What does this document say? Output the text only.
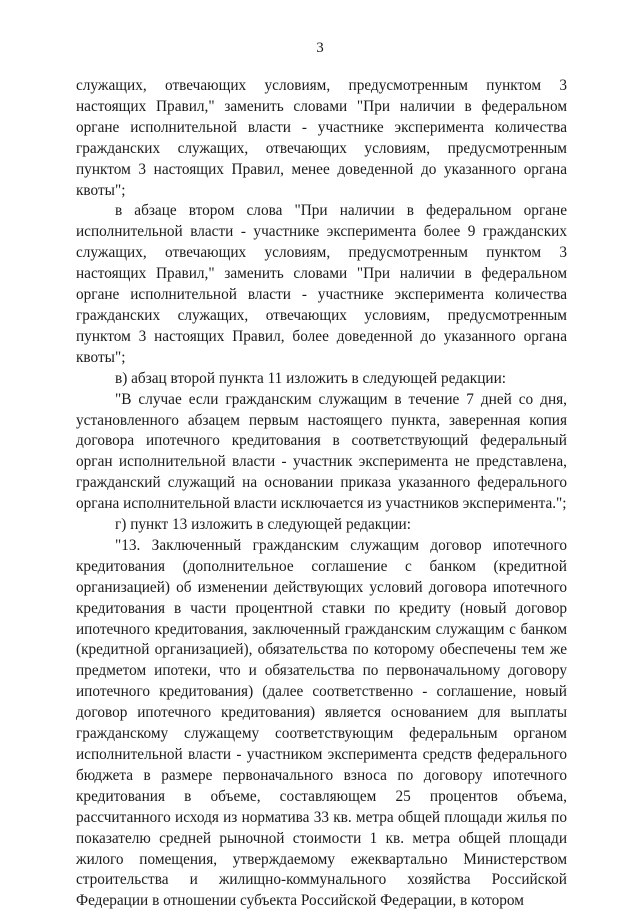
3

служащих, отвечающих условиям, предусмотренным пунктом 3 настоящих Правил," заменить словами "При наличии в федеральном органе исполнительной власти - участнике эксперимента количества гражданских служащих, отвечающих условиям, предусмотренным пунктом 3 настоящих Правил, менее доведенной до указанного органа квоты";

в абзаце втором слова "При наличии в федеральном органе исполнительной власти - участнике эксперимента более 9 гражданских служащих, отвечающих условиям, предусмотренным пунктом 3 настоящих Правил," заменить словами "При наличии в федеральном органе исполнительной власти - участнике эксперимента количества гражданских служащих, отвечающих условиям, предусмотренным пунктом 3 настоящих Правил, более доведенной до указанного органа квоты";

в) абзац второй пункта 11 изложить в следующей редакции:

"В случае если гражданским служащим в течение 7 дней со дня, установленного абзацем первым настоящего пункта, заверенная копия договора ипотечного кредитования в соответствующий федеральный орган исполнительной власти - участник эксперимента не представлена, гражданский служащий на основании приказа указанного федерального органа исполнительной власти исключается из участников эксперимента.";

г) пункт 13 изложить в следующей редакции:

"13. Заключенный гражданским служащим договор ипотечного кредитования (дополнительное соглашение с банком (кредитной организацией) об изменении действующих условий договора ипотечного кредитования в части процентной ставки по кредиту (новый договор ипотечного кредитования, заключенный гражданским служащим с банком (кредитной организацией), обязательства по которому обеспечены тем же предметом ипотеки, что и обязательства по первоначальному договору ипотечного кредитования) (далее соответственно - соглашение, новый договор ипотечного кредитования) является основанием для выплаты гражданскому служащему соответствующим федеральным органом исполнительной власти - участником эксперимента средств федерального бюджета в размере первоначального взноса по договору ипотечного кредитования в объеме, составляющем 25 процентов объема, рассчитанного исходя из норматива 33 кв. метра общей площади жилья по показателю средней рыночной стоимости 1 кв. метра общей площади жилого помещения, утверждаемому ежеквартально Министерством строительства и жилищно-коммунального хозяйства Российской Федерации в отношении субъекта Российской Федерации, в котором
